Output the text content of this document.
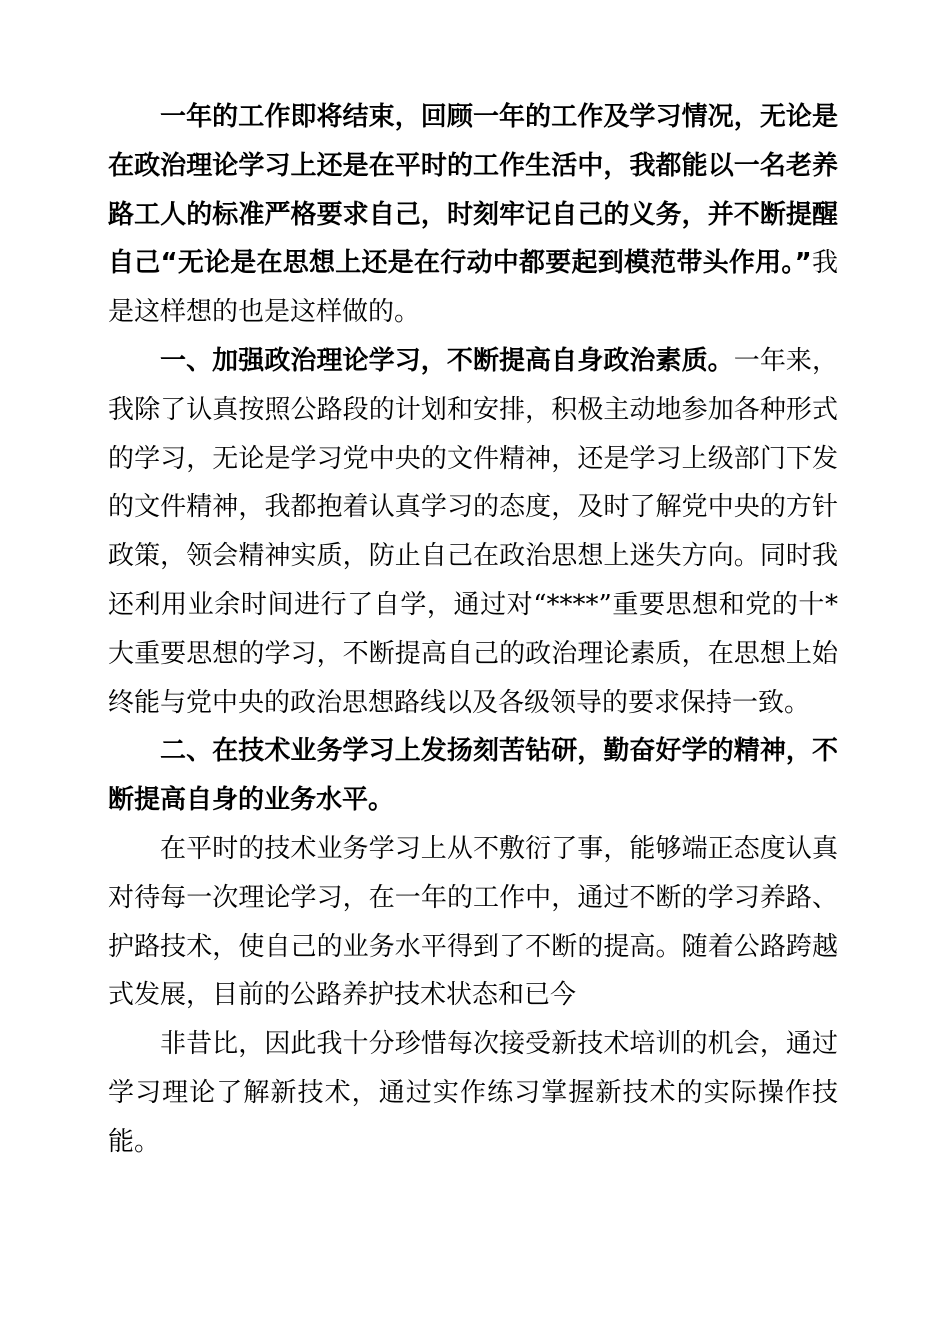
一年的工作即将结束，回顾一年的工作及学习情况，无论是在政治理论学习上还是在平时的工作生活中，我都能以一名老养路工人的标准严格要求自己，时刻牢记自己的义务，并不断提醒自己“无论是在思想上还是在行动中都要起到模范带头作用。”我是这样想的也是这样做的。

一、加强政治理论学习，不断提高自身政治素质。一年来，我除了认真按照公路段的计划和安排，积极主动地参加各种形式的学习，无论是学习党中央的文件精神，还是学习上级部门下发的文件精神，我都抱着认真学习的态度，及时了解党中央的方针政策，领会精神实质，防止自己在政治思想上迷失方向。同时我还利用业余时间进行了自学，通过对“****”重要思想和党的十*大重要思想的学习，不断提高自己的政治理论素质，在思想上始终能与党中央的政治思想路线以及各级领导的要求保持一致。

二、在技术业务学习上发扬刻苦钻研，勤奋好学的精神，不断提高自身的业务水平。

在平时的技术业务学习上从不敷衍了事，能够端正态度认真对待每一次理论学习，在一年的工作中，通过不断的学习养路、护路技术，使自己的业务水平得到了不断的提高。随着公路跨越式发展，目前的公路养护技术状态和已今

非昔比，因此我十分珍惜每次接受新技术培训的机会，通过学习理论了解新技术，通过实作练习掌握新技术的实际操作技能。
